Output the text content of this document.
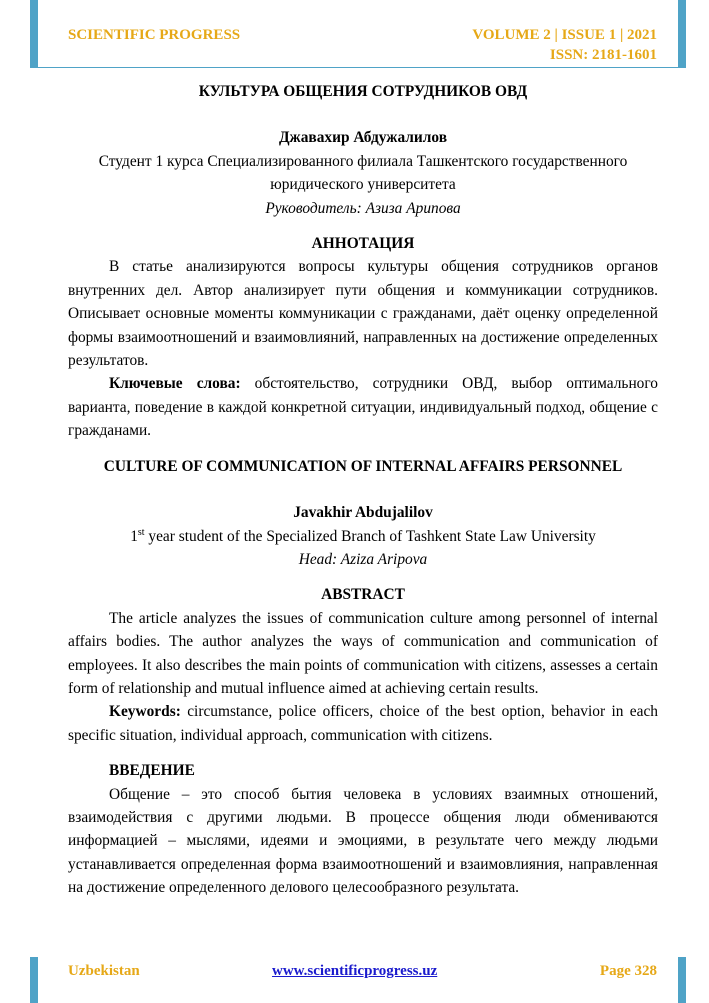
SCIENTIFIC PROGRESS	VOLUME 2 | ISSUE 1 | 2021
ISSN: 2181-1601
КУЛЬТУРА ОБЩЕНИЯ СОТРУДНИКОВ ОВД
Джавахир Абдужалилов
Студент 1 курса Специализированного филиала Ташкентского государственного юридического университета
Руководитель: Азиза Арипова
АННОТАЦИЯ

В статье анализируются вопросы культуры общения сотрудников органов внутренних дел. Автор анализирует пути общения и коммуникации сотрудников. Описывает основные моменты коммуникации с гражданами, даёт оценку определенной формы взаимоотношений и взаимовлияний, направленных на достижение определенных результатов.

Ключевые слова: обстоятельство, сотрудники ОВД, выбор оптимального варианта, поведение в каждой конкретной ситуации, индивидуальный подход, общение с гражданами.

CULTURE OF COMMUNICATION OF INTERNAL AFFAIRS PERSONNEL
Javakhir Abdujalilov
1st year student of the Specialized Branch of Tashkent State Law University
Head: Aziza Aripova
ABSTRACT

The article analyzes the issues of communication culture among personnel of internal affairs bodies. The author analyzes the ways of communication and communication of employees. It also describes the main points of communication with citizens, assesses a certain form of relationship and mutual influence aimed at achieving certain results.

Keywords: circumstance, police officers, choice of the best option, behavior in each specific situation, individual approach, communication with citizens.

ВВЕДЕНИЕ

Общение – это способ бытия человека в условиях взаимных отношений, взаимодействия с другими людьми. В процессе общения люди обмениваются информацией – мыслями, идеями и эмоциями, в результате чего между людьми устанавливается определенная форма взаимоотношений и взаимовлияния, направленная на достижение определенного делового целесообразного результата.

Uzbekistan	www.scientificprogress.uz	Page 328
